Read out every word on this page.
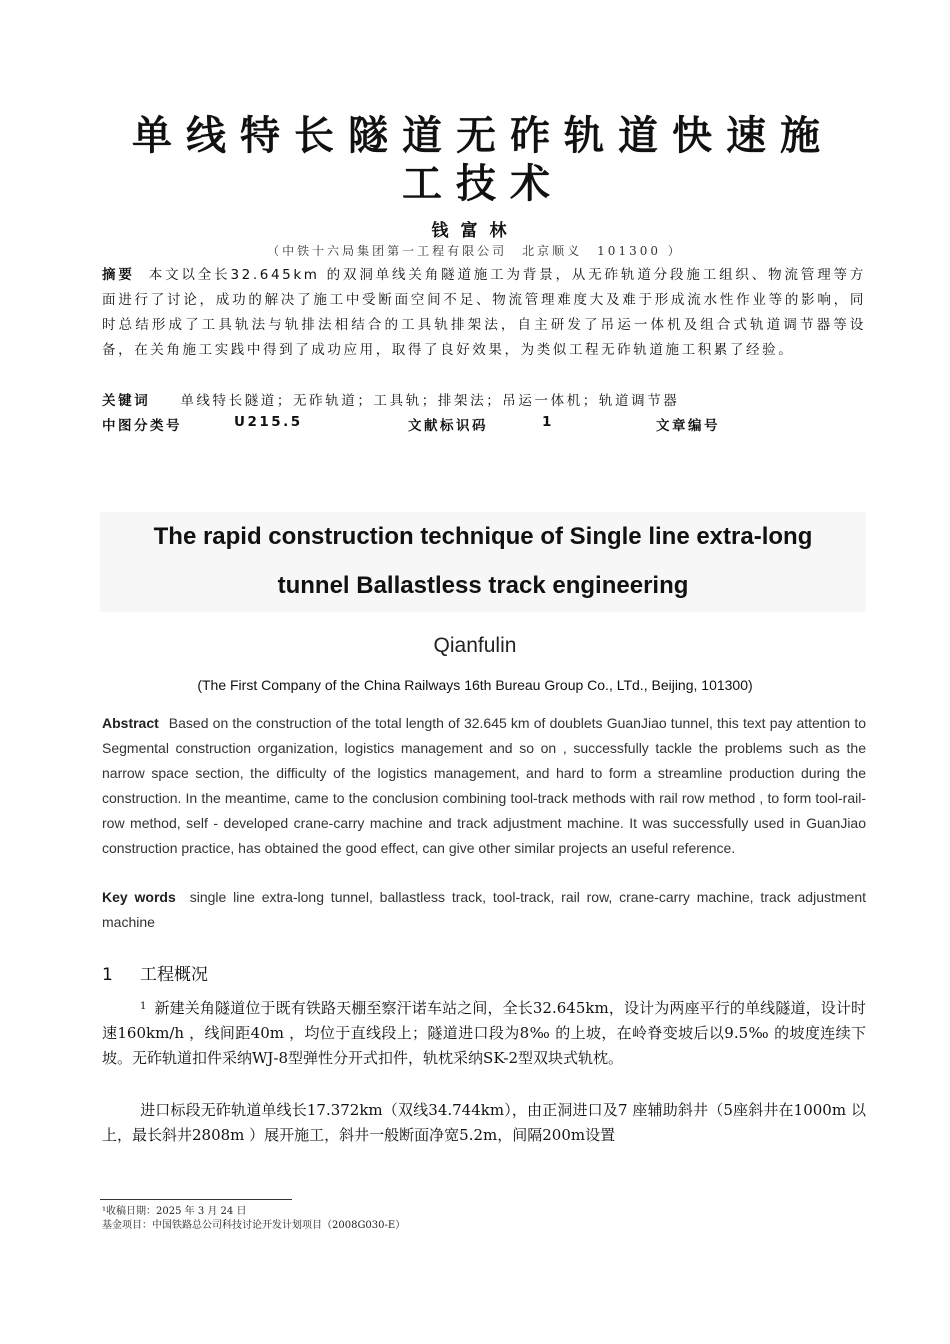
单线特长隧道无砟轨道快速施
工技术
钱富林
（中铁十六局集团第一工程有限公司　北京顺义　101300 ）
摘要 本文以全长32.645km 的双洞单线关角隧道施工为背景，从无砟轨道分段施工组织、物流管理等方面进行了讨论，成功的解决了施工中受断面空间不足、物流管理难度大及难于形成流水性作业等的影响，同时总结形成了工具轨法与轨排法相结合的工具轨排架法，自主研发了吊运一体机及组合式轨道调节器等设备，在关角施工实践中得到了成功应用，取得了良好效果，为类似工程无砟轨道施工积累了经验。
关键词 单线特长隧道；无砟轨道；工具轨；排架法；吊运一体机；轨道调节器
中图分类号	U215.5	文献标识码	1	文章编号
The rapid construction technique of Single line extra-long
tunnel Ballastless track engineering
Qianfulin
(The First Company of the China Railways 16th Bureau Group Co., LTd., Beijing, 101300)
Abstract Based on the construction of the total length of 32.645 km of doublets GuanJiao tunnel, this text pay attention to Segmental construction organization, logistics management and so on , successfully tackle the problems such as the narrow space section, the difficulty of the logistics management, and hard to form a streamline production during the construction. In the meantime, came to the conclusion combining tool-track methods with rail row method , to form tool-rail-row method, self - developed crane-carry machine and track adjustment machine. It was successfully used in GuanJiao construction practice, has obtained the good effect, can give other similar projects an useful reference.
Key words single line extra-long tunnel, ballastless track, tool-track, rail row, crane-carry machine, track adjustment machine
1 工程概况
$^1$ 新建关角隧道位于既有铁路天棚至察汗诺车站之间，全长32.645km，设计为两座平行的单线隧道，设计时速160km/h ，线间距40m ，均位于直线段上；隧道进口段为8‰ 的上坡，在岭脊变坡后以9.5‰ 的坡度连续下坡。无砟轨道扣件采纳WJ-8型弹性分开式扣件，轨枕采纳SK-2型双块式轨枕。
进口标段无砟轨道单线长17.372km（双线34.744km），由正洞进口及7 座辅助斜井（5座斜井在1000m 以上，最长斜井2808m ）展开施工，斜井一般断面净宽5.2m，间隔200m设置
¹收稿日期：2025 年 3 月 24 日
基金项目：中国铁路总公司科技讨论开发计划项目（2008G030-E）
